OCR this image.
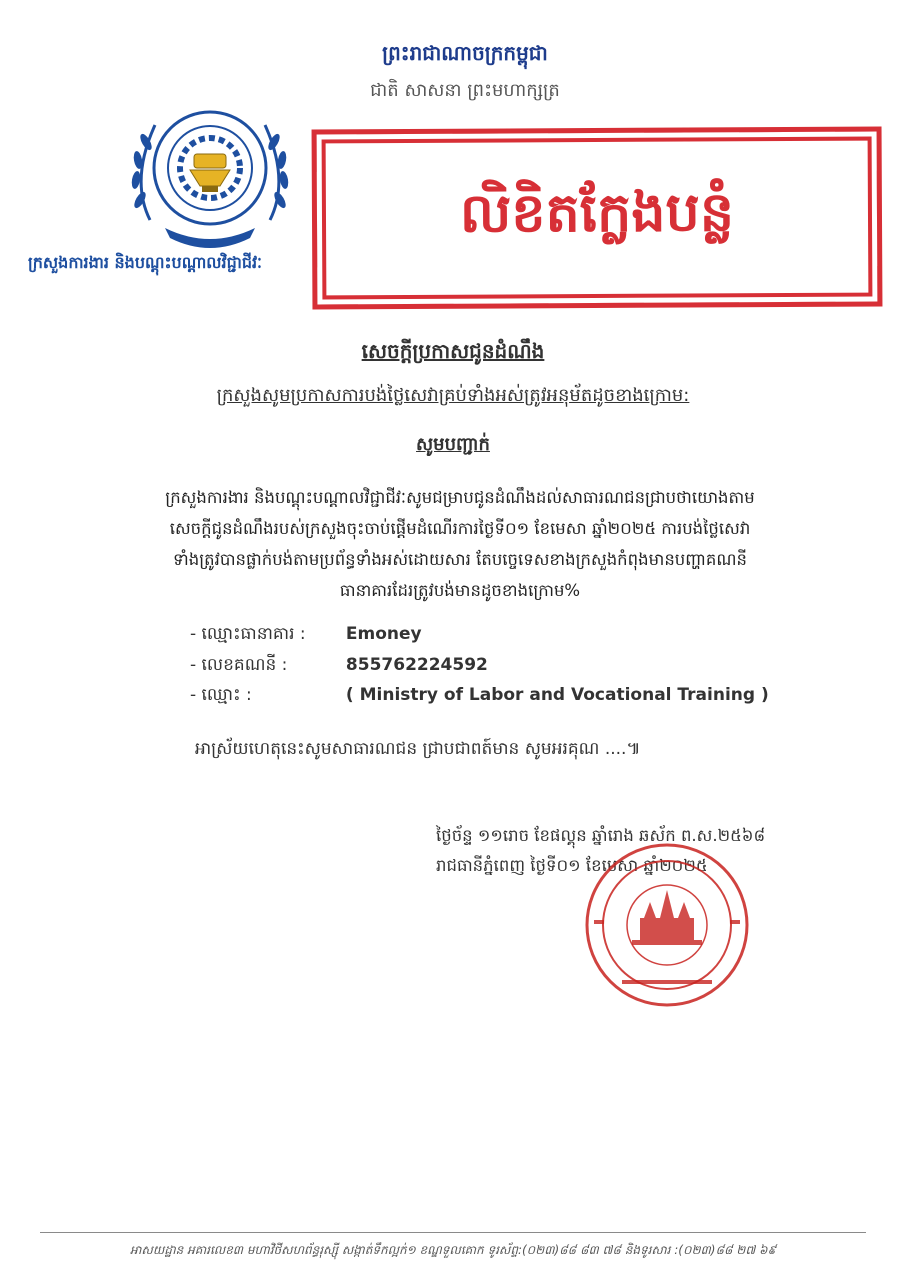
ព្រះរាជាណាចក្រកម្ពុជា
ជាតិ សាសនា ព្រះមហាក្សត្រ
ក្រសួងការងារ និងបណ្តុះបណ្តាលវិជ្ជាជីវៈ
លិខិតក្លែងបន្លំ
សេចក្តីប្រកាសជូនដំណឹង
ក្រសួងសូមប្រកាសការបង់ថ្លៃសេវាគ្រប់ទាំងអស់ត្រូវអនុម័តដូចខាងក្រោម:
សូមបញ្ជាក់
ក្រសួងការងារ និងបណ្តុះបណ្តាលវិជ្ជាជីវៈសូមជម្រាបជូនដំណឹងដល់សាធារណជនជ្រាបថាយោងតាម
សេចក្តីជូនដំណឹងរបស់ក្រសួងចុះចាប់ផ្តើមដំណើរការថ្ងៃទី០១ ខែមេសា ឆ្នាំ២០២៥ ការបង់ថ្លៃសេវា
ទាំងត្រូវបានផ្លាក់បង់តាមប្រព័ន្ធទាំងអស់ដោយសារ តែបច្ចេទេសខាងក្រសួងកំពុងមានបញ្ហាគណនី
ធានាគារដែរត្រូវបង់មានដូចខាងក្រោម%
- ឈ្មោះធានាគារ : Emoney
- លេខគណនី :	855762224592
- ឈ្មោះ :	( Ministry of Labor and Vocational Training )
អាស្រ័យហេតុនេះសូមសាធារណជន ជ្រាបជាពត៍មាន សូមអរគុណ ....៕
ថ្ងៃច័ន្ទ ១១រោច ខែផល្គុន ឆ្នាំរោង ឆស័ក ព.ស.២៥៦៨
រាជធានីភ្នំពេញ ថ្ងៃទី០១ ខែមេសា ឆ្នាំ២០២៥
អាសយដ្ឋាន អគារលេខ៣ មហាវិថីសហព័ន្ធរុស្ស៊ី សង្កាត់ទឹកល្អក់១ ខណ្ឌទួលគោក ទូរស័ព្ទ:(០២៣)៨៨ ៨៣ ៧៨ និងទូរសារ :(០២៣)៨៨ ២៧ ៦៩
